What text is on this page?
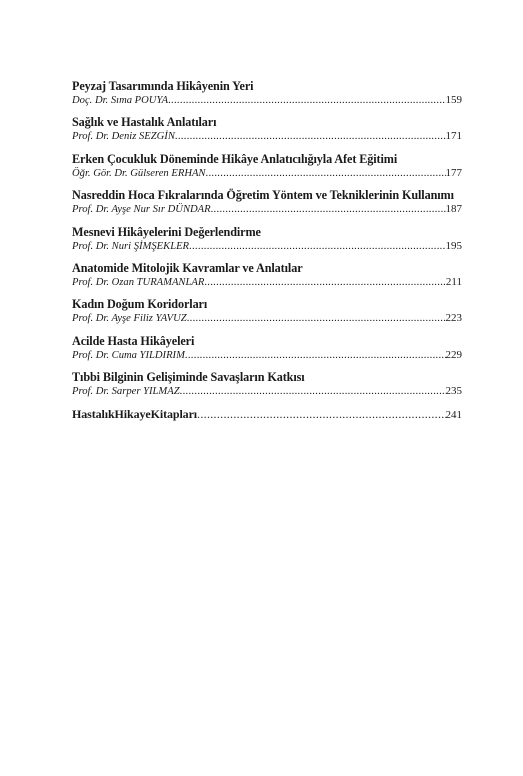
Peyzaj Tasarımında Hikâyenin Yeri
Doç. Dr. Sıma POUYA .....	159
Sağlık ve Hastalık Anlatıları
Prof. Dr. Deniz SEZGİN .....	171
Erken Çocukluk Döneminde Hikâye Anlatıcılığıyla Afet Eğitimi
Öğr. Gör. Dr. Gülseren ERHAN .....	177
Nasreddin Hoca Fıkralarında Öğretim Yöntem ve Tekniklerinin Kullanımı
Prof. Dr. Ayşe Nur Sır DÜNDAR .....	187
Mesnevi Hikâyelerini Değerlendirme
Prof. Dr. Nuri ŞİMŞEKLER .....	195
Anatomide Mitolojik Kavramlar ve Anlatılar
Prof. Dr. Ozan TURAMANLAR .....	211
Kadın Doğum Koridorları
Prof. Dr. Ayşe Filiz YAVUZ .....	223
Acilde Hasta Hikâyeleri
Prof. Dr. Cuma YILDIRIM .....	229
Tıbbi Bilginin Gelişiminde Savaşların Katkısı
Prof. Dr. Sarper YILMAZ .....	235
HastalıkHikayeKitapları .....	241
